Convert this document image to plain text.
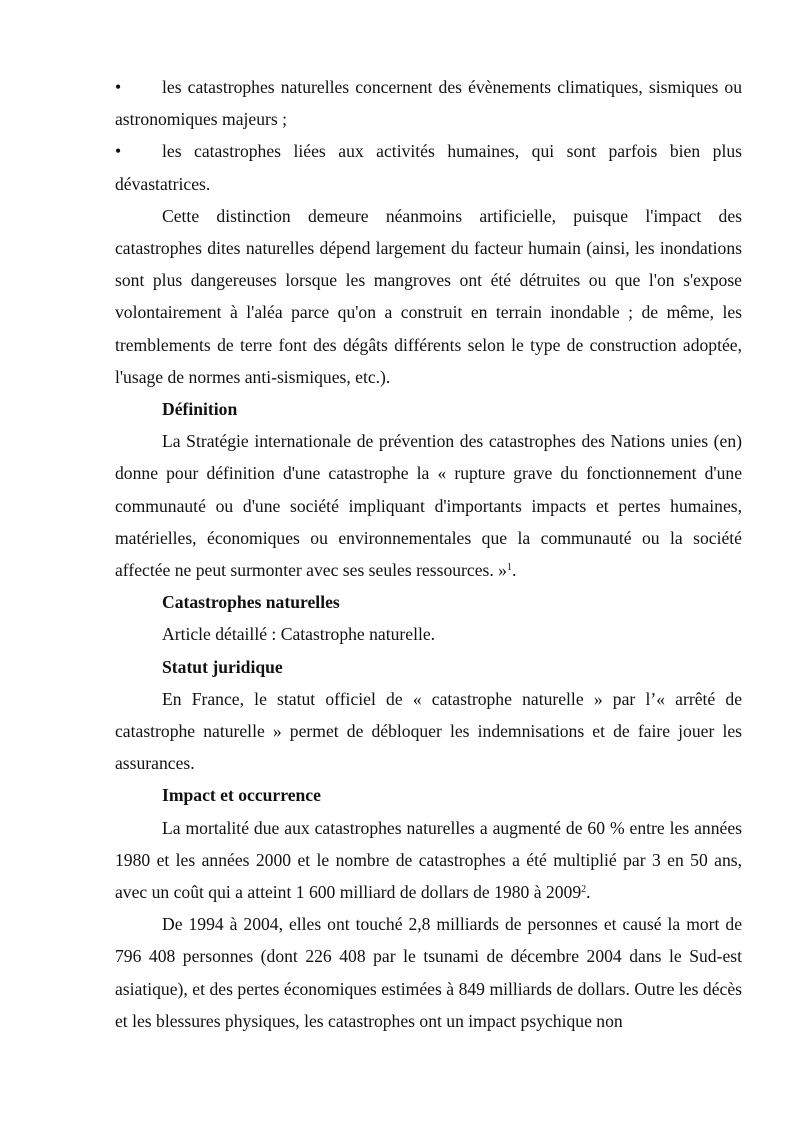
• les catastrophes naturelles concernent des évènements climatiques, sismiques ou astronomiques majeurs ;

• les catastrophes liées aux activités humaines, qui sont parfois bien plus dévastatrices.

Cette distinction demeure néanmoins artificielle, puisque l'impact des catastrophes dites naturelles dépend largement du facteur humain (ainsi, les inondations sont plus dangereuses lorsque les mangroves ont été détruites ou que l'on s'expose volontairement à l'aléa parce qu'on a construit en terrain inondable ; de même, les tremblements de terre font des dégâts différents selon le type de construction adoptée, l'usage de normes anti-sismiques, etc.).

Définition

La Stratégie internationale de prévention des catastrophes des Nations unies (en) donne pour définition d'une catastrophe la « rupture grave du fonctionnement d'une communauté ou d'une société impliquant d'importants impacts et pertes humaines, matérielles, économiques ou environnementales que la communauté ou la société affectée ne peut surmonter avec ses seules ressources. »$^1$.

Catastrophes naturelles

Article détaillé : Catastrophe naturelle.

Statut juridique

En France, le statut officiel de « catastrophe naturelle » par l’« arrêté de catastrophe naturelle » permet de débloquer les indemnisations et de faire jouer les assurances.

Impact et occurrence

La mortalité due aux catastrophes naturelles a augmenté de 60 % entre les années 1980 et les années 2000 et le nombre de catastrophes a été multiplié par 3 en 50 ans, avec un coût qui a atteint 1 600 milliard de dollars de 1980 à 2009$^2$.

De 1994 à 2004, elles ont touché 2,8 milliards de personnes et causé la mort de 796 408 personnes (dont 226 408 par le tsunami de décembre 2004 dans le Sud-est asiatique), et des pertes économiques estimées à 849 milliards de dollars. Outre les décès et les blessures physiques, les catastrophes ont un impact psychique non
